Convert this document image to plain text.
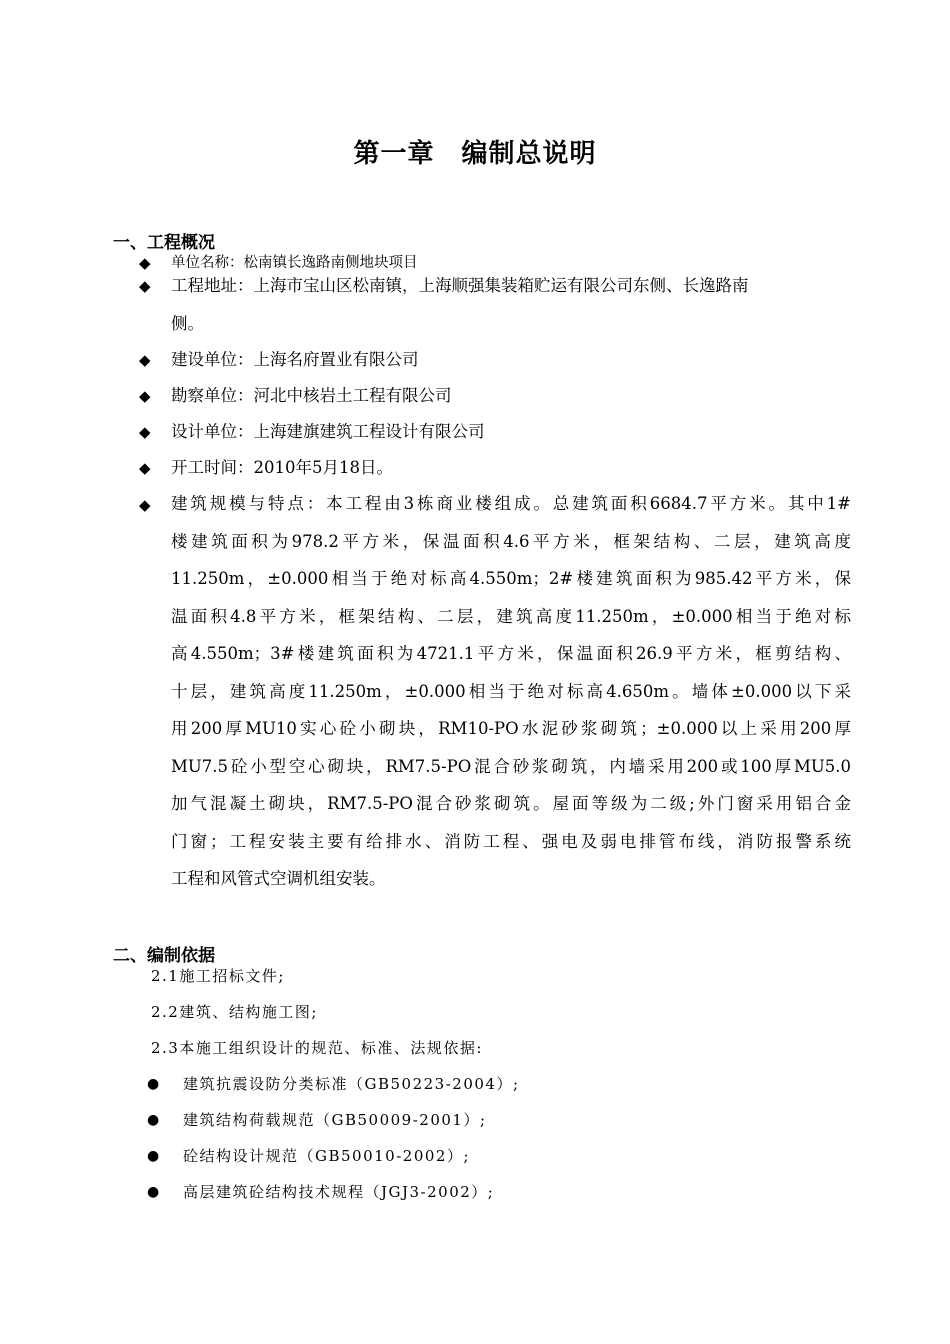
第一章　编制总说明
一、工程概况
◆ 单位名称：松南镇长逸路南侧地块项目
◆ 工程地址：上海市宝山区松南镇，上海顺强集装箱贮运有限公司东侧、长逸路南
侧。
◆ 建设单位：上海名府置业有限公司
◆ 勘察单位：河北中核岩土工程有限公司
◆ 设计单位：上海建旗建筑工程设计有限公司
◆ 开工时间：2010年5月18日。
◆ 建筑规模与特点：本工程由3栋商业楼组成。总建筑面积6684.7平方米。其中1#
楼建筑面积为978.2平方米，保温面积4.6平方米，框架结构、二层，建筑高度
11.250m，±0.000相当于绝对标高4.550m；2#楼建筑面积为985.42平方米，保
温面积4.8平方米，框架结构、二层，建筑高度11.250m，±0.000相当于绝对标
高4.550m；3#楼建筑面积为4721.1平方米，保温面积26.9平方米，框剪结构、
十层，建筑高度11.250m，±0.000相当于绝对标高4.650m。墙体±0.000以下采
用200厚MU10实心砼小砌块，RM10-PO水泥砂浆砌筑；±0.000以上采用200厚
MU7.5砼小型空心砌块，RM7.5-PO混合砂浆砌筑，内墙采用200或100厚MU5.0
加气混凝土砌块，RM7.5-PO混合砂浆砌筑。屋面等级为二级;外门窗采用铝合金
门窗；工程安装主要有给排水、消防工程、强电及弱电排管布线，消防报警系统
工程和风管式空调机组安装。
二、编制依据
2.1施工招标文件;
2.2建筑、结构施工图;
2.3本施工组织设计的规范、标准、法规依据:
● 建筑抗震设防分类标准（GB50223-2004）;
● 建筑结构荷载规范（GB50009-2001）;
● 砼结构设计规范（GB50010-2002）;
● 高层建筑砼结构技术规程（JGJ3-2002）;
